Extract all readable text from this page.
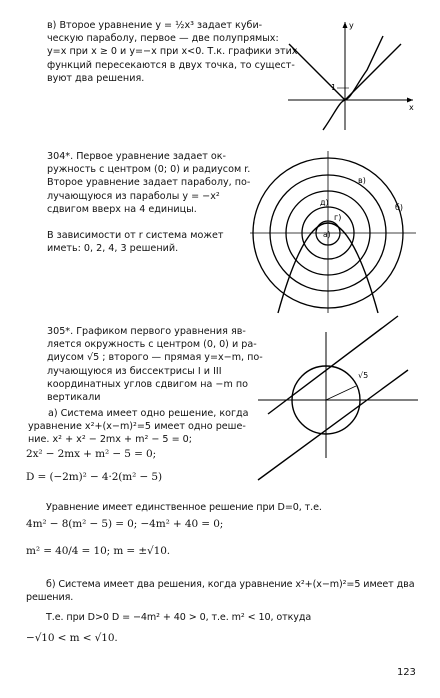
в) Второе уравнение y = ½x³ задает куби-
ческую параболу, первое — две полупрямых:
y=x при x ≥ 0 и y=−x при x<0. Т.к. графики этих
функций пересекаются в двух точка, то сущест-
вуют два решения.
1
x
y
304*. Первое уравнение задает ок-
ружность с центром (0; 0) и радиусом r.
Второе уравнение задает параболу, по-
лучающуюся из параболы y = −x²
сдвигом вверх на 4 единицы.
В зависимости от r система может
иметь: 0, 2, 4, 3 решений.
a)
б)
в)
г)
д)
305*. Графиком первого уравнения яв-
ляется окружность с центром (0, 0) и ра-
диусом √5 ; второго — прямая y=x−m, по-
лучающуюся из биссектрисы I и III
координатных углов сдвигом на −m по
вертикали
а) Система имеет одно решение, когда
уравнение x²+(x−m)²=5 имеет одно реше-
ние. x² + x² − 2mx + m² − 5 = 0;
√5
2x² − 2mx + m² − 5 = 0;
D = (−2m)² − 4·2(m² − 5)
Уравнение имеет единственное решение при D=0, т.е.
4m² − 8(m² − 5) = 0; −4m² + 40 = 0;
m² = 40/4 = 10; m = ±√10.
б) Система имеет два решения, когда уравнение x²+(x−m)²=5 имеет два
решения.
Т.е. при D>0 D = −4m² + 40 > 0, т.е. m² < 10, откуда
−√10 < m < √10.
123
